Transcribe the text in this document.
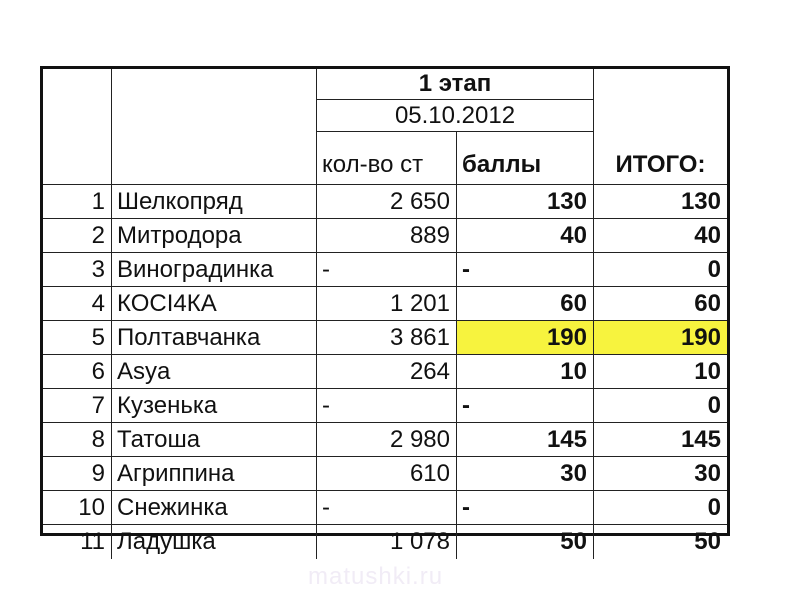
1 этап
05.10.2012
кол-во ст	баллы	ИТОГО:
1 Шелкопряд	2 650	130	130
2 Митродора	889	40	40
3 Виноградинка	-	-	0
4 КОСІ4КА	1 201	60	60
5 Полтавчанка	3 861	190	190
6 Asya	264	10	10
7 Кузенька	-	-	0
8 Татоша	2 980	145	145
9 Агриппина	610	30	30
10 Снежинка	-	-	0
11 Ладушка	1 078	50	50
matushki.ru
